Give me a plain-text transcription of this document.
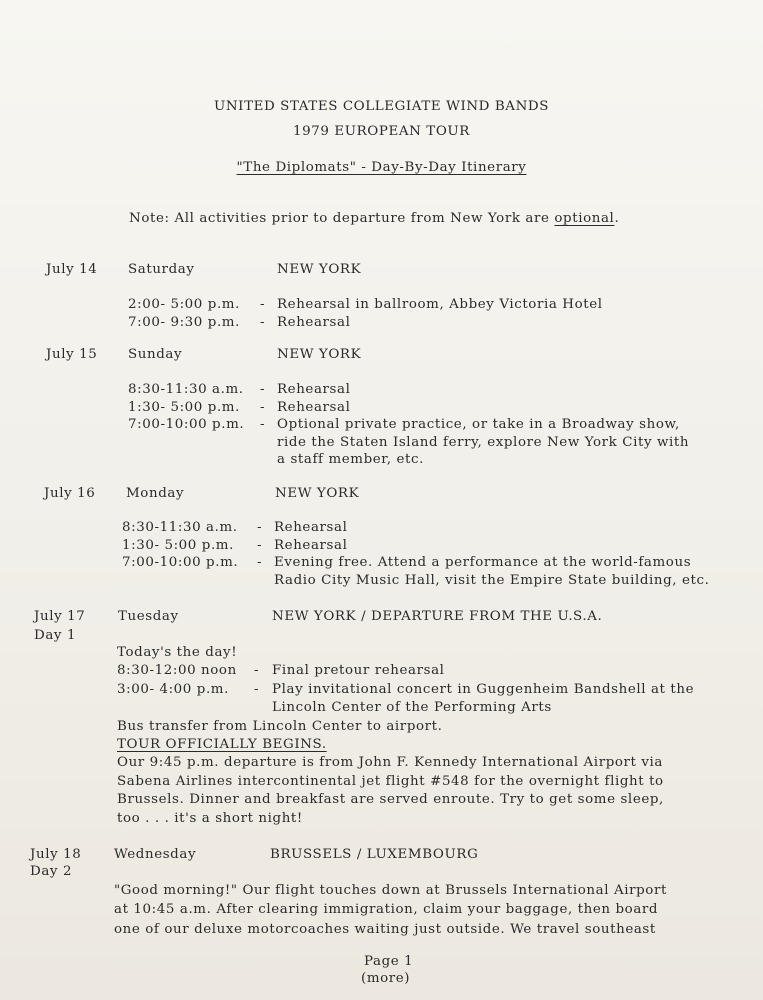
UNITED STATES COLLEGIATE WIND BANDS
1979 EUROPEAN TOUR
"The Diplomats" - Day-By-Day Itinerary
Note: All activities prior to departure from New York are optional.
July 14 Saturday	NEW YORK
2:00- 5:00 p.m. - Rehearsal in ballroom, Abbey Victoria Hotel
7:00- 9:30 p.m. - Rehearsal
July 15 Sunday	NEW YORK
8:30-11:30 a.m. - Rehearsal
1:30- 5:00 p.m. - Rehearsal
7:00-10:00 p.m. - Optional private practice, or take in a Broadway show,
ride the Staten Island ferry, explore New York City with
a staff member, etc.
July 16 Monday	NEW YORK
8:30-11:30 a.m. - Rehearsal
1:30- 5:00 p.m. - Rehearsal
7:00-10:00 p.m. - Evening free. Attend a performance at the world-famous
Radio City Music Hall, visit the Empire State building, etc.
July 17
Day 1
Tuesday	NEW YORK / DEPARTURE FROM THE U.S.A.
Today's the day!
8:30-12:00 noon - Final pretour rehearsal
3:00- 4:00 p.m. - Play invitational concert in Guggenheim Bandshell at the
Lincoln Center of the Performing Arts
Bus transfer from Lincoln Center to airport.
TOUR OFFICIALLY BEGINS.
Our 9:45 p.m. departure is from John F. Kennedy International Airport via
Sabena Airlines intercontinental jet flight #548 for the overnight flight to
Brussels. Dinner and breakfast are served enroute. Try to get some sleep,
too . . . it's a short night!
July 18
Day 2
Wednesday	BRUSSELS / LUXEMBOURG
"Good morning!" Our flight touches down at Brussels International Airport
at 10:45 a.m. After clearing immigration, claim your baggage, then board
one of our deluxe motorcoaches waiting just outside. We travel southeast
Page 1
(more)
